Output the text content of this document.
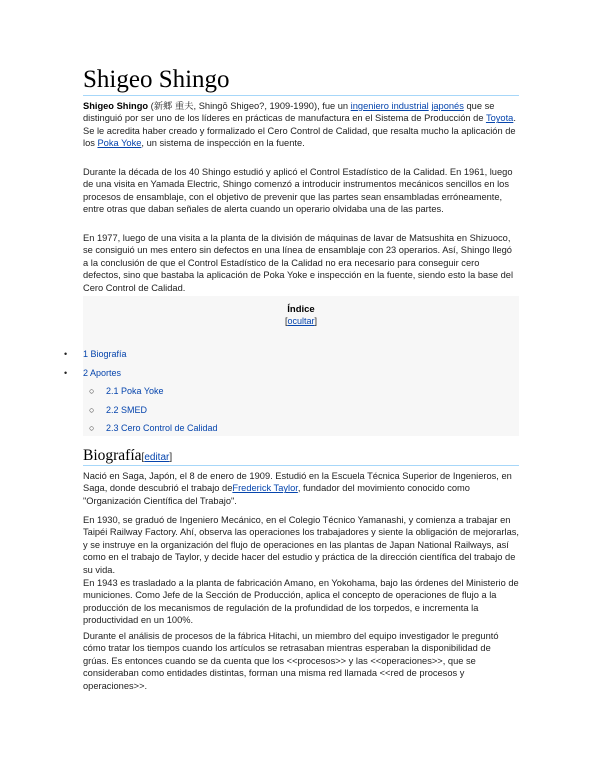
Shigeo Shingo

Shigeo Shingo (新郷 重夫, Shingō Shigeo?, 1909-1990), fue un ingeniero industrial japonés que se distinguió por ser uno de los líderes en prácticas de manufactura en el Sistema de Producción de Toyota. Se le acredita haber creado y formalizado el Cero Control de Calidad, que resalta mucho la aplicación de los Poka Yoke, un sistema de inspección en la fuente.

Durante la década de los 40 Shingo estudió y aplicó el Control Estadístico de la Calidad. En 1961, luego de una visita en Yamada Electric, Shingo comenzó a introducir instrumentos mecánicos sencillos en los procesos de ensamblaje, con el objetivo de prevenir que las partes sean ensambladas erróneamente, entre otras que daban señales de alerta cuando un operario olvidaba una de las partes.

En 1977, luego de una visita a la planta de la división de máquinas de lavar de Matsushita en Shizuoco, se consiguió un mes entero sin defectos en una línea de ensamblaje con 23 operarios. Así, Shingo llegó a la conclusión de que el Control Estadístico de la Calidad no era necesario para conseguir cero defectos, sino que bastaba la aplicación de Poka Yoke e inspección en la fuente, siendo esto la base del Cero Control de Calidad.

Índice
[ocultar]
• 1 Biografía
• 2 Aportes
○ 2.1 Poka Yoke
○ 2.2 SMED
○ 2.3 Cero Control de Calidad
Biografía[editar]

Nació en Saga, Japón, el 8 de enero de 1909. Estudió en la Escuela Técnica Superior de Ingenieros, en Saga, donde descubrió el trabajo deFrederick Taylor, fundador del movimiento conocido como "Organización Científica del Trabajo".

En 1930, se graduó de Ingeniero Mecánico, en el Colegio Técnico Yamanashi, y comienza a trabajar en Taipéi Railway Factory. Ahí, observa las operaciones los trabajadores y siente la obligación de mejorarlas, y se instruye en la organización del flujo de operaciones en las plantas de Japan National Railways, así como en el trabajo de Taylor, y decide hacer del estudio y práctica de la dirección científica del trabajo de su vida.

En 1943 es trasladado a la planta de fabricación Amano, en Yokohama, bajo las órdenes del Ministerio de municiones. Como Jefe de la Sección de Producción, aplica el concepto de operaciones de flujo a la producción de los mecanismos de regulación de la profundidad de los torpedos, e incrementa la productividad en un 100%.

Durante el análisis de procesos de la fábrica Hitachi, un miembro del equipo investigador le preguntó cómo tratar los tiempos cuando los artículos se retrasaban mientras esperaban la disponibilidad de grúas. Es entonces cuando se da cuenta que los <<procesos>> y las <<operaciones>>, que se consideraban como entidades distintas, forman una misma red llamada <<red de procesos y operaciones>>.
